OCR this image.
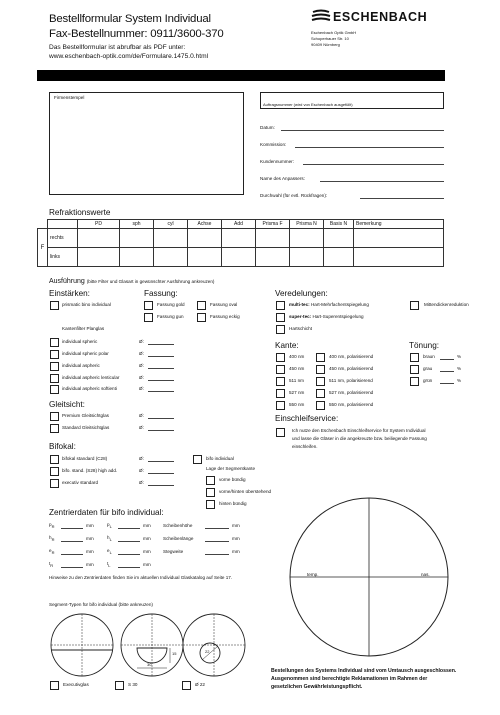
Bestellformular System Individual
Fax-Bestellnummer: 0911/3600-370
Das Bestellformular ist abrufbar als PDF unter:
www.eschenbach-optik.com/de/Formulare.1475.0.html
ESCHENBACH
Eschenbach Optik GmbH
Schoperhauer Str. 10
90409 Nürnberg
Firmenstempel
Auftragsnummer (wird von Eschenbach ausgefüllt)
Datum:
Kommission:
Kundennummer:
Name des Anpassers:
Durchwahl (für evtl. Rückfragen):
Refraktionswerte
		PD	sph	cyl	Achse	Add	Prisma F	Prisma N	Basis N	Bemerkung
F	rechts									
	links									
Ausführung (bitte Filter und Glasart in gewünschter Ausführung ankreuzen)
Einstärken:
prismatic bino individual
Fassung:
Fassung gold	Fassung oval
Fassung gun	Fassung eckig
Kantenfilter Planglas
individual spheric	Ø:
individual spheric polar	Ø:
individual aspheric	Ø:
individual aspheric lenticular	Ø:
individual aspheric softienti	Ø:
Gleitsicht:
Premium Gleitsichtglas	Ø:
Standard Gleitsichtglas	Ø:
Bifokal:
bifokal standard (C28)	Ø:
bifo. stand. (S28) high add.	Ø:
executiv standard	Ø:
bifo individual
Lage der Segmentkante
vorne bündig
vorne/hinten überstehend
hinten bündig
Veredelungen:
multi-tec: Hart-Mehrfachentspiegelung	Mittendickenreduktion
super-tec: Hart-Superentspiegelung
Hartschicht
Kante:
400 nm	400 nm, polarisierend
450 nm	450 nm, polarisierend
511 nm	511 nm, polarisierend
527 nm	527 nm, polarisierend
550 nm	550 nm, polarisierend
Tönung:
braun	%
grau	%
grün	%
Einschleifservice:
Ich nutze den Eschenbach Einschleifservice für System Individual
und lasse die Gläser in die angekreuzte bzw. beiliegende Fassung
einschleifen.
Zentrierdaten für bifo individual:
$p_R$	mm	$p_L$	mm	Scheibenhöhe	mm
$h_R$	mm	$h_L$	mm	Scheibenlänge	mm
$e_R$	mm	$e_L$	mm	Stegweite	mm
$t_R$	mm	$t_L$	mm
Hinweise zu den Zentrierdaten finden Sie im aktuellen Individual Glaskatalog auf Seite 17.
temp.	nas.
Segment-Typen für bifo individual (bitte ankreuzen)
30
15	22
Executivglas	S 30	Ø 22
Bestellungen des Systems Individual sind vom Umtausch ausgeschlossen.
Ausgenommen sind berechtigte Reklamationen im Rahmen der
gesetzlichen Gewährleistungspflicht.
